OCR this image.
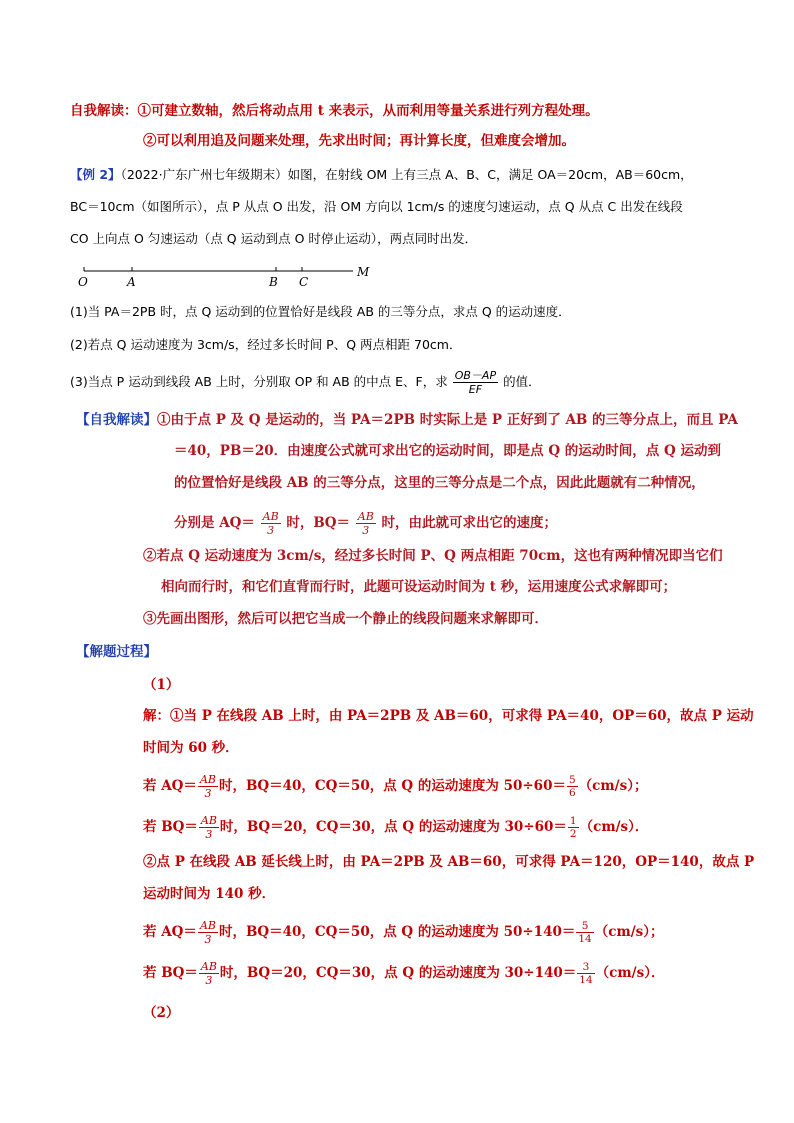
自我解读：①可建立数轴，然后将动点用 t 来表示，从而利用等量关系进行列方程处理。
②可以利用追及问题来处理，先求出时间；再计算长度，但难度会增加。
【例 2】（2022·广东广州七年级期末）如图，在射线 OM 上有三点 A、B、C，满足 OA＝20cm，AB＝60cm，
BC＝10cm（如图所示），点 P 从点 O 出发，沿 OM 方向以 1cm/s 的速度匀速运动，点 Q 从点 C 出发在线段
CO 上向点 O 匀速运动（点 Q 运动到点 O 时停止运动），两点同时出发．
O	A	B C
M
(1)当 PA＝2PB 时，点 Q 运动到的位置恰好是线段 AB 的三等分点，求点 Q 的运动速度．
(2)若点 Q 运动速度为 3cm/s，经过多长时间 P、Q 两点相距 70cm．
(3)当点 P 运动到线段 AB 上时，分别取 OP 和 AB 的中点 E、F，求 $\frac{OB-AP}{EF}$ 的值．
【自我解读】①由于点 P 及 Q 是运动的，当 PA＝2PB 时实际上是 P 正好到了 AB 的三等分点上，而且 PA
＝40，PB＝20．由速度公式就可求出它的运动时间，即是点 Q 的运动时间，点 Q 运动到
的位置恰好是线段 AB 的三等分点，这里的三等分点是二个点，因此此题就有二种情况，
分别是 $AQ= \frac{AB}{3}$ 时，$BQ= \frac{AB}{3}$ 时，由此就可求出它的速度；
②若点 Q 运动速度为 3cm/s，经过多长时间 P、Q 两点相距 70cm，这也有两种情况即当它们
相向而行时，和它们直背而行时，此题可设运动时间为 t 秒，运用速度公式求解即可；
③先画出图形，然后可以把它当成一个静止的线段问题来求解即可．
【解题过程】
（1）
解：①当 P 在线段 AB 上时，由 PA＝2PB 及 AB＝60，可求得 PA＝40，OP＝60，故点 P 运动
时间为 60 秒．
若 $AQ= \frac{AB}{3}$ 时，BQ＝40，CQ＝50，点 Q 的运动速度为 $50\div 60= \frac{5}{6} (cm/s)$；
若 $BQ= \frac{AB}{3}$ 时，BQ＝20，CQ＝30，点 Q 的运动速度为 $30\div 60= \frac{1}{2} (cm/s)$．
②点 P 在线段 AB 延长线上时，由 PA＝2PB 及 AB＝60，可求得 PA＝120，OP＝140，故点 P
运动时间为 140 秒．
若 $AQ= \frac{AB}{3}$ 时，BQ＝40，CQ＝50，点 Q 的运动速度为 $50\div 140= \frac{5}{14} (cm/s)$；
若 $BQ= \frac{AB}{3}$ 时，BQ＝20，CQ＝30，点 Q 的运动速度为 $30\div 140= \frac{3}{14} (cm/s)$．
（2）
